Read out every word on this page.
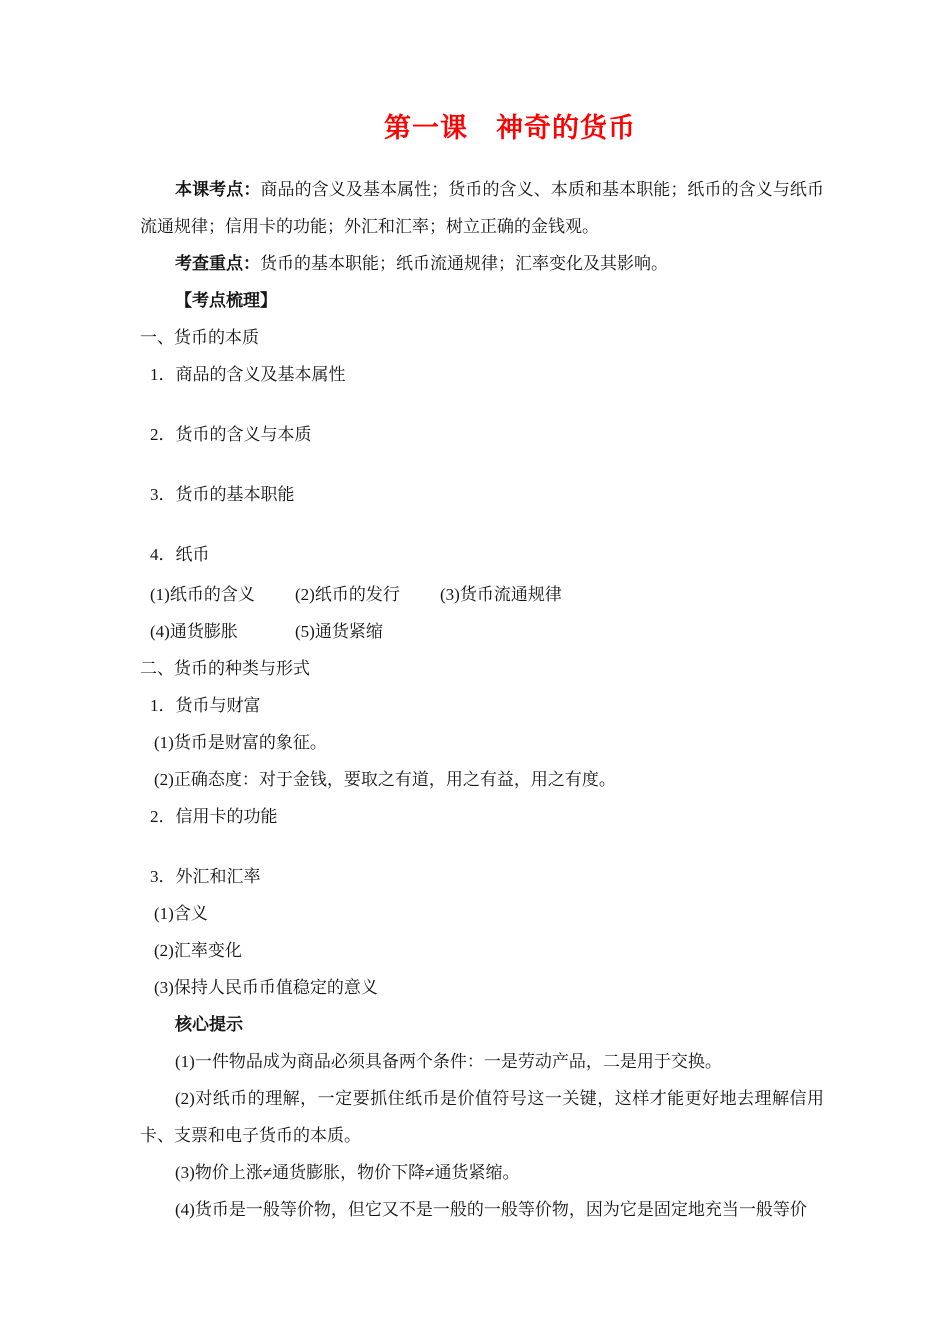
第一课　神奇的货币

本课考点：商品的含义及基本属性；货币的含义、本质和基本职能；纸币的含义与纸币流通规律；信用卡的功能；外汇和汇率；树立正确的金钱观。

考查重点：货币的基本职能；纸币流通规律；汇率变化及其影响。

【考点梳理】

一、货币的本质

1．商品的含义及基本属性

2．货币的含义与本质

3．货币的基本职能

4．纸币

(1)纸币的含义 (2)纸币的发行 (3)货币流通规律

(4)通货膨胀	(5)通货紧缩

二、货币的种类与形式

1．货币与财富

(1)货币是财富的象征。

(2)正确态度：对于金钱，要取之有道，用之有益，用之有度。

2．信用卡的功能

3．外汇和汇率

(1)含义

(2)汇率变化

(3)保持人民币币值稳定的意义

核心提示

(1)一件物品成为商品必须具备两个条件：一是劳动产品，二是用于交换。

(2)对纸币的理解，一定要抓住纸币是价值符号这一关键，这样才能更好地去理解信用卡、支票和电子货币的本质。

(3)物价上涨≠通货膨胀，物价下降≠通货紧缩。

(4)货币是一般等价物，但它又不是一般的一般等价物，因为它是固定地充当一般等价
